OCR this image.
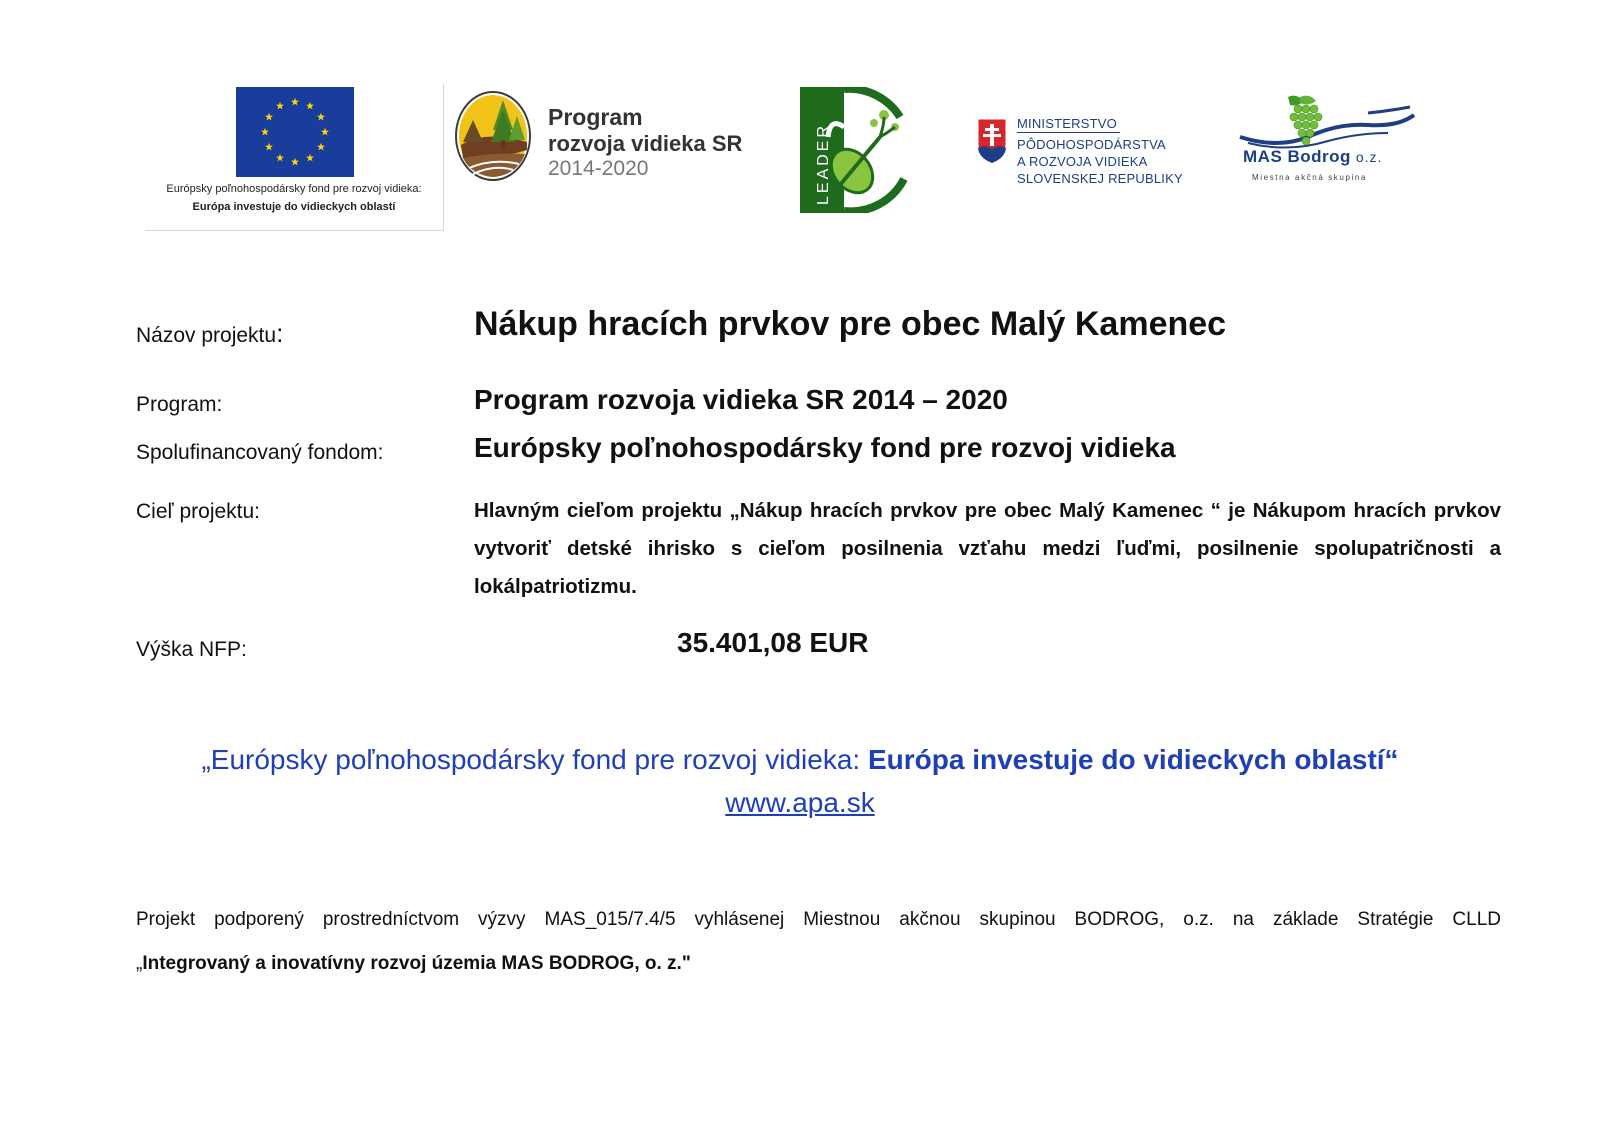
Európsky poľnohospodársky fond pre rozvoj vidieka:
Európa investuje do vidieckych oblastí
Program
rozvoja vidieka SR
2014-2020	LEADER	MINISTERSTVO
PÔDOHOSPODÁRSTVA
A ROZVOJA VIDIEKA
SLOVENSKEJ REPUBLIKY
MAS Bodrog o.z.
Miestna akčná skupina
Názov projektu:	Nákup hracích prvkov pre obec Malý Kamenec
Program:	Program rozvoja vidieka SR 2014 – 2020
Spolufinancovaný fondom:	Európsky poľnohospodársky fond pre rozvoj vidieka
Cieľ projektu:	Hlavným cieľom projektu „Nákup hracích prvkov pre obec Malý Kamenec “ je Nákupom hracích prvkov vytvoriť detské ihrisko s cieľom posilnenia vzťahu medzi ľuďmi, posilnenie spolupatričnosti a lokálpatriotizmu.
Výška NFP:	35.401,08 EUR
„Európsky poľnohospodársky fond pre rozvoj vidieka: Európa investuje do vidieckych oblastí“
www.apa.sk
Projekt podporený prostredníctvom výzvy MAS_015/7.4/5 vyhlásenej Miestnou akčnou skupinou BODROG, o.z. na základe Stratégie CLLD
„Integrovaný a inovatívny rozvoj územia MAS BODROG, o. z."
